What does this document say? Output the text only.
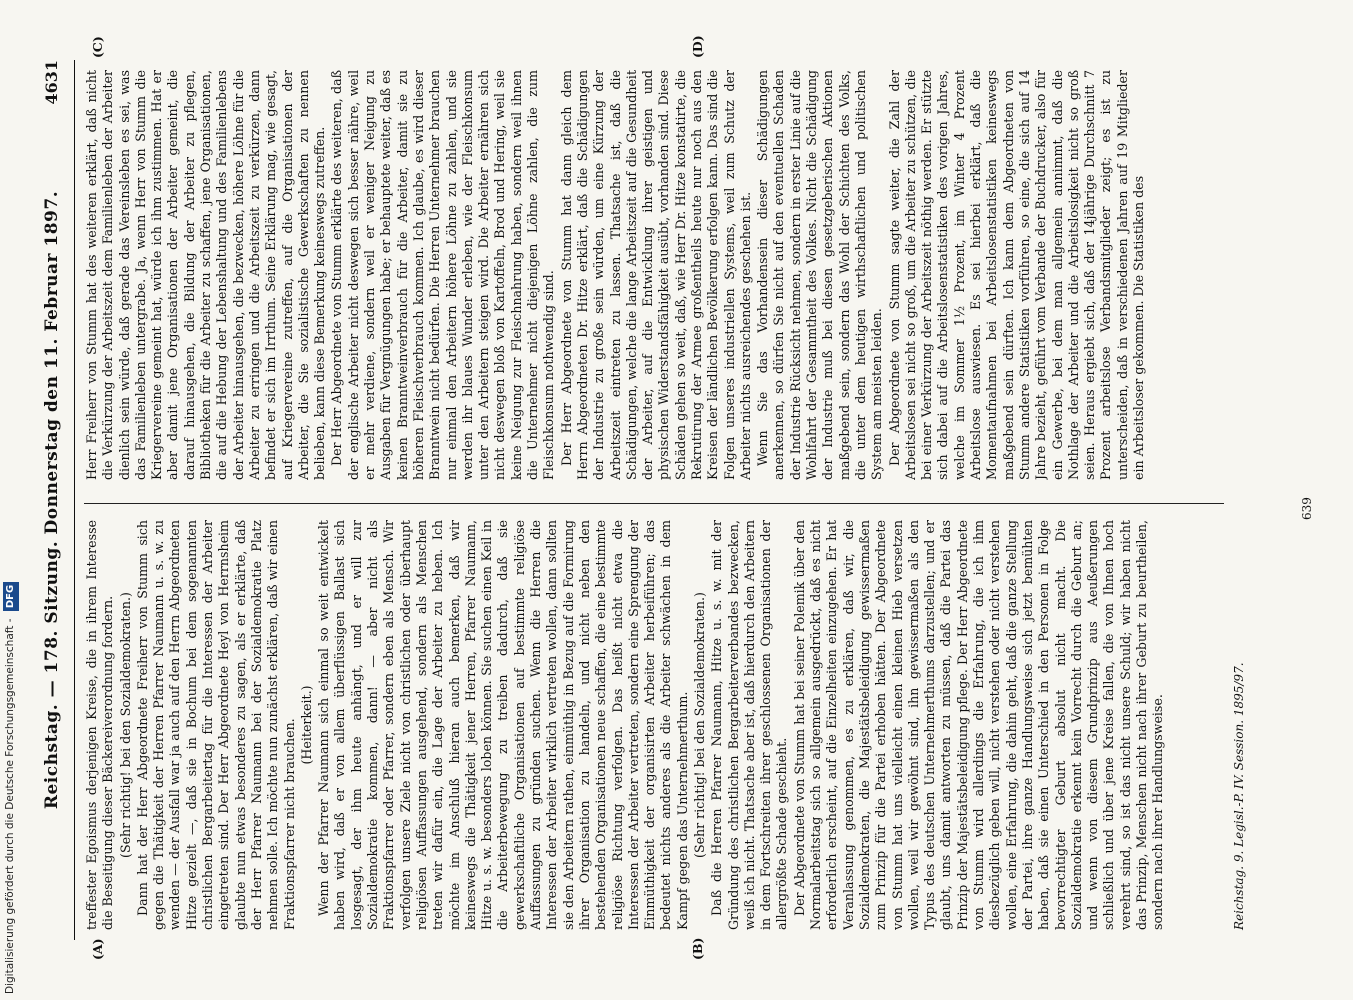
Reichstag. — 178. Sitzung. Donnerstag den 11. Februar 1897.
4631
(A)	(B)
(C)	(D)

treffester Egoismus derjenigen Kreise, die in ihrem Interesse die Beseitigung dieser Bäckereiverordnung fordern. (Sehr richtig! bei den Sozialdemokraten.) Dann hat der Herr Abgeordnete Freiherr von Stumm sich gegen die Thätigkeit der Herren Pfarrer Naumann u. s. w. zu wenden — der Ausfall war ja auch auf den Herrn Abgeordneten Hitze gezielt —, daß sie in Bochum bei dem sogenannten christlichen Bergarbeitertag für die Interessen der Arbeiter eingetreten sind. Der Herr Abgeordnete Heyl von Herrnsheim glaubte nun etwas besonderes zu sagen, als er erklärte, daß der Herr Pfarrer Naumann bei der Sozialdemokratie Platz nehmen solle. Ich möchte nun zunächst erklären, daß wir einen Fraktionspfarrer nicht brauchen. (Heiterkeit.) Wenn der Pfarrer Naumann sich einmal so weit entwickelt haben wird, daß er von allem überflüssigen Ballast sich losgesagt, der ihm heute anhängt, und er will zur Sozialdemokratie kommen, dann! — aber nicht als Fraktionspfarrer oder Pfarrer, sondern eben als Mensch. Wir verfolgen unsere Ziele nicht von christlichen oder überhaupt religiösen Auffassungen ausgehend, sondern als Menschen treten wir dafür ein, die Lage der Arbeiter zu heben. Ich möchte im Anschluß hieran auch bemerken, daß wir keineswegs die Thätigkeit jener Herren, Pfarrer Naumann, Hitze u. s. w. besonders loben können. Sie suchen einen Keil in die Arbeiterbewegung zu treiben dadurch, daß sie gewerkschaftliche Organisationen auf bestimmte religiöse Auffassungen zu gründen suchen. Wenn die Herren die Interessen der Arbeiter wirklich vertreten wollen, dann sollten sie den Arbeitern rathen, einmüthig in Bezug auf die Formirung ihrer Organisation zu handeln, und nicht neben den bestehenden Organisationen neue schaffen, die eine bestimmte religiöse Richtung verfolgen. Das heißt nicht etwa die Interessen der Arbeiter vertreten, sondern eine Sprengung der Einmüthigkeit der organisirten Arbeiter herbeiführen; das bedeutet nichts anderes als die Arbeiter schwächen in dem Kampf gegen das Unternehmerthum. (Sehr richtig! bei den Sozialdemokraten.) Daß die Herren Pfarrer Naumann, Hitze u. s. w. mit der Gründung des christlichen Bergarbeiterverbandes bezwecken, weiß ich nicht. Thatsache aber ist, daß hierdurch den Arbeitern in dem Fortschreiten ihrer geschlossenen Organisationen der allergrößte Schade geschieht. Der Abgeordnete von Stumm hat bei seiner Polemik über den Normalarbeitstag sich so allgemein ausgedrückt, daß es nicht erforderlich erscheint, auf die Einzelheiten einzugehen. Er hat Veranlassung genommen, es zu erklären, daß wir, die Sozialdemokraten, die Majestätsbeleidigung gewissermaßen zum Prinzip für die Partei erhoben hätten. Der Abgeordnete von Stumm hat uns vielleicht einen kleinen Hieb versetzen wollen, weil wir gewöhnt sind, ihn gewissermaßen als den Typus des deutschen Unternehmerthums darzustellen; und er glaubt, uns damit antworten zu müssen, daß die Partei das Prinzip der Majestätsbeleidigung pflege. Der Herr Abgeordnete von Stumm wird allerdings die Erfahrung, die ich ihm diesbezüglich geben will, nicht verstehen oder nicht verstehen wollen, eine Erfahrung, die dahin geht, daß die ganze Stellung der Partei, ihre ganze Handlungsweise sich jetzt bemühten haben, daß sie einen Unterschied in den Personen in Folge bevorrechtigter Geburt absolut nicht macht. Die Sozialdemokratie erkennt kein Vorrecht durch die Geburt an; und wenn von diesem Grundprinzip aus Aeußerungen schließlich und über jene Kreise fallen, die von Ihnen hoch verehrt sind, so ist das nicht unsere Schuld; wir haben nicht das Prinzip, Menschen nicht nach ihrer Geburt zu beurtheilen, sondern nach ihrer Handlungsweise.

Herr Freiherr von Stumm hat des weiteren erklärt, daß nicht die Verkürzung der Arbeitszeit dem Familienleben der Arbeiter dienlich sein würde, daß gerade das Vereinsleben es sei, was das Familienleben untergrabe. Ja, wenn Herr von Stumm die Kriegervereine gemeint hat, würde ich ihm zustimmen. Hat er aber damit jene Organisationen der Arbeiter gemeint, die darauf hinausgehen, die Bildung der Arbeiter zu pflegen, Bibliotheken für die Arbeiter zu schaffen, jene Organisationen, die auf die Hebung der Lebenshaltung und des Familienlebens der Arbeiter hinausgehen, die bezwecken, höhere Löhne für die Arbeiter zu erringen und die Arbeitszeit zu verkürzen, dann befindet er sich im Irrthum. Seine Erklärung mag, wie gesagt, auf Kriegervereine zutreffen, auf die Organisationen der Arbeiter, die Sie sozialistische Gewerkschaften zu nennen belieben, kann diese Bemerkung keineswegs zutreffen. Der Herr Abgeordnete von Stumm erklärte des weiteren, daß der englische Arbeiter nicht deswegen sich besser nähre, weil er mehr verdiene, sondern weil er weniger Neigung zu Ausgaben für Vergnügungen habe; er behauptete weiter, daß es keinen Branntweinverbrauch für die Arbeiter, damit sie zu höheren Fleischverbrauch kommen. Ich glaube, es wird dieser Branntwein nicht bedürfen. Die Herren Unternehmer brauchen nur einmal den Arbeitern höhere Löhne zu zahlen, und sie werden ihr blaues Wunder erleben, wie der Fleischkonsum unter den Arbeitern steigen wird. Die Arbeiter ernähren sich nicht deswegen bloß von Kartoffeln, Brod und Hering, weil sie keine Neigung zur Fleischnahrung haben, sondern weil ihnen die Unternehmer nicht diejenigen Löhne zahlen, die zum Fleischkonsum nothwendig sind. Der Herr Abgeordnete von Stumm hat dann gleich dem Herrn Abgeordneten Dr. Hitze erklärt, daß die Schädigungen der Industrie zu große sein würden, um eine Kürzung der Arbeitszeit eintreten zu lassen. Thatsache ist, daß die Schädigungen, welche die lange Arbeitszeit auf die Gesundheit der Arbeiter, auf die Entwicklung ihrer geistigen und physischen Widerstandsfähigkeit ausübt, vorhanden sind. Diese Schäden gehen so weit, daß, wie Herr Dr. Hitze konstatirte, die Rekrutirung der Armee großentheils heute nur noch aus den Kreisen der ländlichen Bevölkerung erfolgen kann. Das sind die Folgen unseres industriellen Systems, weil zum Schutz der Arbeiter nichts ausreichendes geschehen ist. Wenn Sie das Vorhandensein dieser Schädigungen anerkennen, so dürfen Sie nicht auf den eventuellen Schaden der Industrie Rücksicht nehmen, sondern in erster Linie auf die Wohlfahrt der Gesammtheit des Volkes. Nicht die Schädigung der Industrie muß bei diesen gesetzgeberischen Aktionen maßgebend sein, sondern das Wohl der Schichten des Volks, die unter dem heutigen wirthschaftlichen und politischen System am meisten leiden. Der Abgeordnete von Stumm sagte weiter, die Zahl der Arbeitslosen sei nicht so groß, um die Arbeiter zu schützen, die bei einer Verkürzung der Arbeitszeit nöthig werden. Er stützte sich dabei auf die Arbeitslosenstatistiken des vorigen Jahres, welche im Sommer 1½ Prozent, im Winter 4 Prozent Arbeitslose auswiesen. Es sei hierbei erklärt, daß die Momentaufnahmen bei Arbeitslosenstatistiken keineswegs maßgebend sein dürften. Ich kann dem Abgeordneten von Stumm andere Statistiken vorführen, so eine, die sich auf 14 Jahre bezieht, geführt vom Verbande der Buchdrucker, also für ein Gewerbe, bei dem man allgemein annimmt, daß die Nothlage der Arbeiter und die Arbeitslosigkeit nicht so groß seien. Heraus ergiebt sich, daß der 14jährige Durchschnitt 7 Prozent arbeitslose Verbandsmitglieder zeigt; es ist zu unterscheiden, daß in verschiedenen Jahren auf 19 Mitglieder ein Arbeitsloser gekommen. Die Statistiken des

Reichstag. 9. Legisl.-P. IV. Session. 1895/97.
639
Digitalisierung gefördert durch die Deutsche Forschungsgemeinschaft - DFG
